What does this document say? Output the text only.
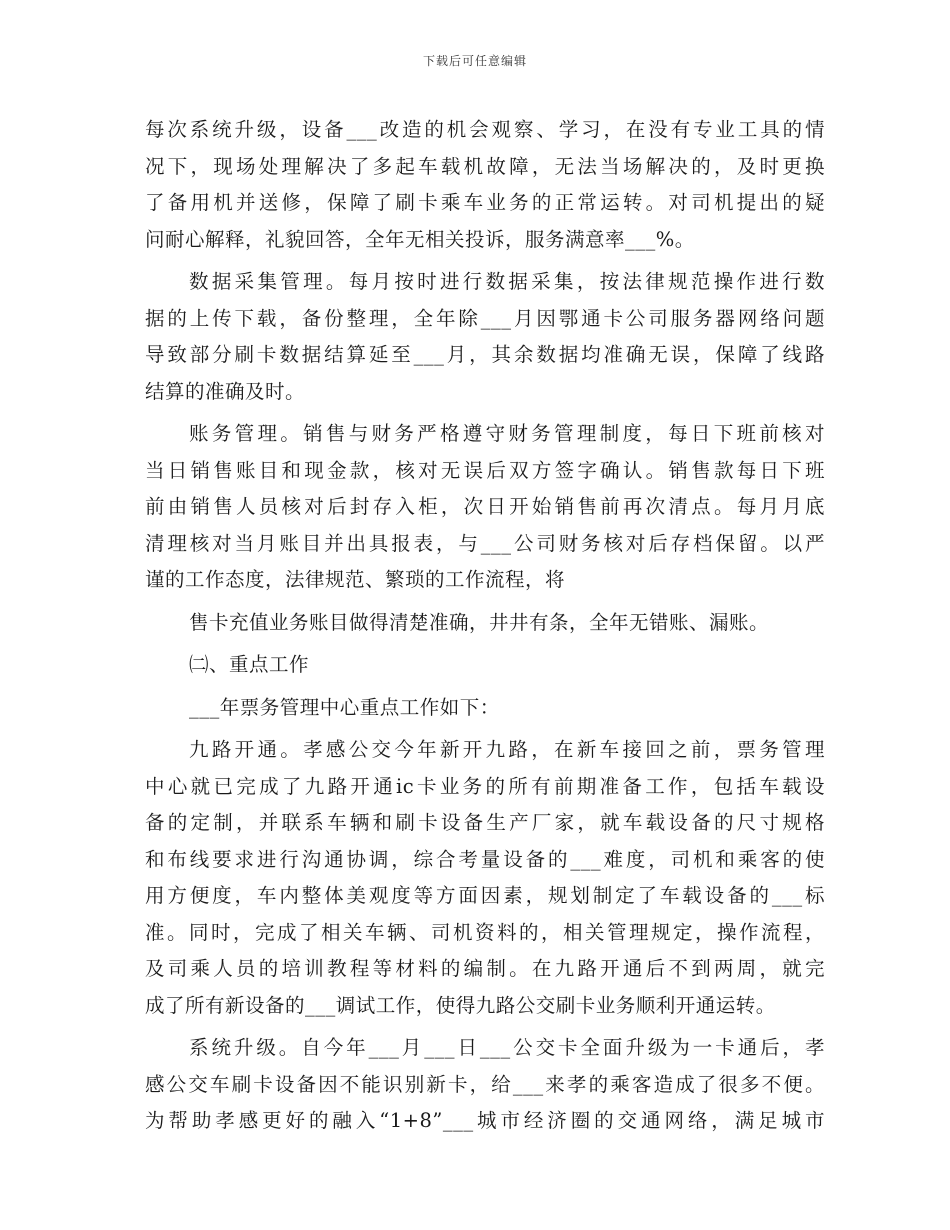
下载后可任意编辑
每次系统升级，设备___改造的机会观察、学习，在没有专业工具的情
况下，现场处理解决了多起车载机故障，无法当场解决的，及时更换
了备用机并送修，保障了刷卡乘车业务的正常运转。对司机提出的疑
问耐心解释，礼貌回答，全年无相关投诉，服务满意率___%。
数据采集管理。每月按时进行数据采集，按法律规范操作进行数
据的上传下载，备份整理，全年除___月因鄂通卡公司服务器网络问题
导致部分刷卡数据结算延至___月，其余数据均准确无误，保障了线路
结算的准确及时。
账务管理。销售与财务严格遵守财务管理制度，每日下班前核对
当日销售账目和现金款，核对无误后双方签字确认。销售款每日下班
前由销售人员核对后封存入柜，次日开始销售前再次清点。每月月底
清理核对当月账目并出具报表，与___公司财务核对后存档保留。以严
谨的工作态度，法律规范、繁琐的工作流程，将
售卡充值业务账目做得清楚准确，井井有条，全年无错账、漏账。
㈡、重点工作
___年票务管理中心重点工作如下：
九路开通。孝感公交今年新开九路，在新车接回之前，票务管理
中心就已完成了九路开通ic卡业务的所有前期准备工作，包括车载设
备的定制，并联系车辆和刷卡设备生产厂家，就车载设备的尺寸规格
和布线要求进行沟通协调，综合考量设备的___难度，司机和乘客的使
用方便度，车内整体美观度等方面因素，规划制定了车载设备的___标
准。同时，完成了相关车辆、司机资料的，相关管理规定，操作流程，
及司乘人员的培训教程等材料的编制。在九路开通后不到两周，就完
成了所有新设备的___调试工作，使得九路公交刷卡业务顺利开通运转。
系统升级。自今年___月___日___公交卡全面升级为一卡通后，孝
感公交车刷卡设备因不能识别新卡，给___来孝的乘客造成了很多不便。
为帮助孝感更好的融入“1+8”___城市经济圈的交通网络，满足城市
